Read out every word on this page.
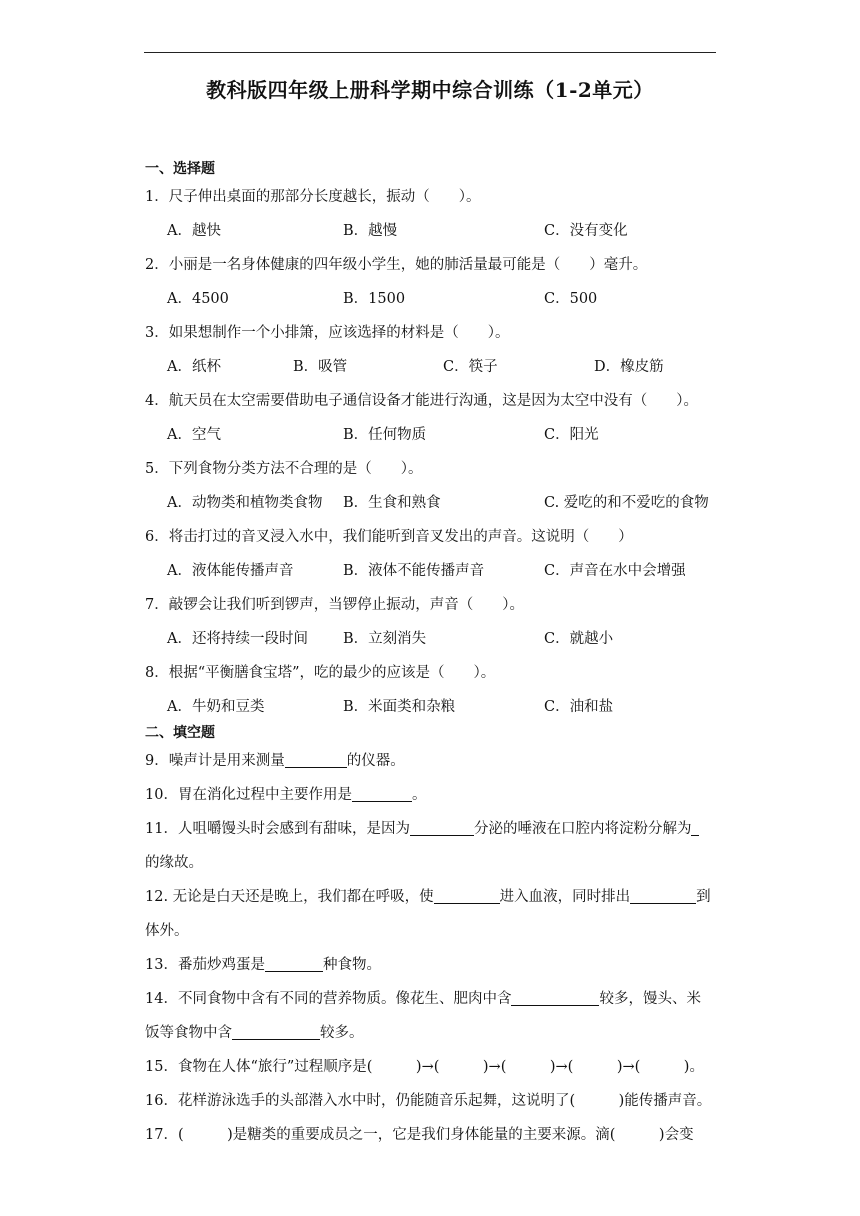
教科版四年级上册科学期中综合训练（1-2单元）
一、选择题
1．尺子伸出桌面的那部分长度越长，振动（　　）。
A．越快	B．越慢	C．没有变化
2．小丽是一名身体健康的四年级小学生，她的肺活量最可能是（　　）毫升。
A．4500	B．1500	C．500
3．如果想制作一个小排箫，应该选择的材料是（　　）。
A．纸杯	B．吸管	C．筷子	D．橡皮筋
4．航天员在太空需要借助电子通信设备才能进行沟通，这是因为太空中没有（　　）。
A．空气	B．任何物质	C．阳光
5．下列食物分类方法不合理的是（　　）。
A．动物类和植物类食物 B．生食和熟食	C. 爱吃的和不爱吃的食物
6．将击打过的音叉浸入水中，我们能听到音叉发出的声音。这说明（　　）
A．液体能传播声音	B．液体不能传播声音	C．声音在水中会增强
7．敲锣会让我们听到锣声，当锣停止振动，声音（　　）。
A．还将持续一段时间 B．立刻消失	C．就越小
8．根据“平衡膳食宝塔”，吃的最少的应该是（　　）。
A．牛奶和豆类	B．米面类和杂粮	C．油和盐
二、填空题
9．噪声计是用来测量	的仪器。
10．胃在消化过程中主要作用是	。
11．人咀嚼馒头时会感到有甜味，是因为	分泌的唾液在口腔内将淀粉分解为
的缘故。
12. 无论是白天还是晚上，我们都在呼吸，使	进入血液，同时排出	到
体外。
13．番茄炒鸡蛋是	种食物。
14．不同食物中含有不同的营养物质。像花生、肥肉中含	较多，馒头、米
饭等食物中含	较多。
15．食物在人体“旅行”过程顺序是(　　　)→(　　　)→(　　　)→(　　　)→(　　　)。
16．花样游泳选手的头部潜入水中时，仍能随音乐起舞，这说明了(　　　)能传播声音。
17．(　　　)是糖类的重要成员之一，它是我们身体能量的主要来源。滴(　　　)会变
